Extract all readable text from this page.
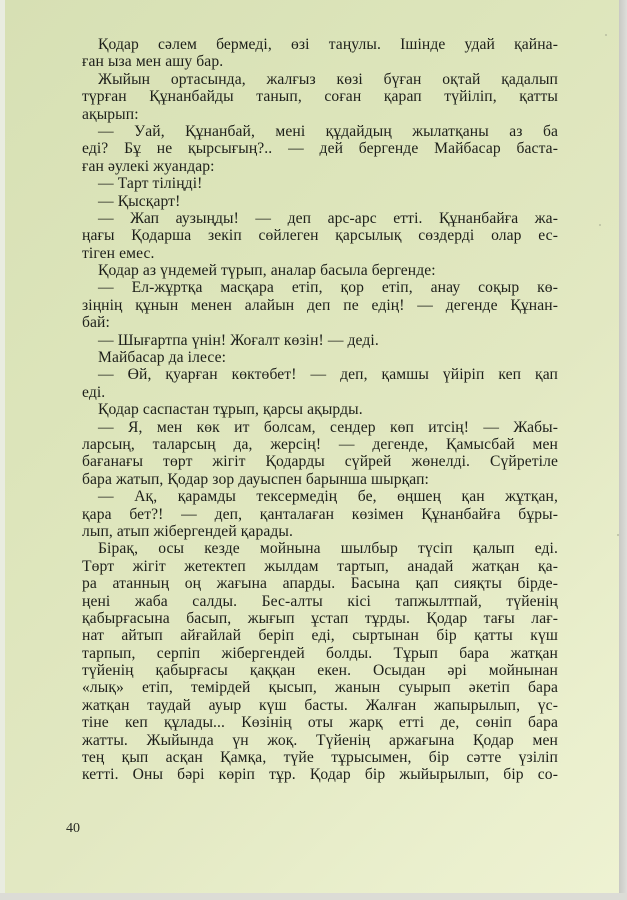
Қодар сәлем бермеді, өзі таңулы. Ішінде удай қайна-
ған ыза мен ашу бар.
Жыйын ортасында, жалғыз көзі бүған оқтай қадалып
түрған Құнанбайды танып, соған қарап түйіліп, қатты
ақырып:
— Уай, Құнанбай, мені құдайдың жылатқаны аз ба
еді? Бұ не қырсығың?.. — дей бергенде Майбасар баста-
ған әулекі жуандар:
— Тарт тіліңді!
— Қысқарт!
— Жап аузыңды! — деп арс-арс етті. Құнанбайға жа-
ңағы Қодарша зекіп сөйлеген қарсылық сөздерді олар ес-
тіген емес.
Қодар аз үндемей түрып, аналар басыла бергенде:
— Ел-жұртқа масқара етіп, қор етіп, анау соқыр кө-
зіңнің құнын менен алайын деп пе едің! — дегенде Құнан-
бай:
— Шығартпа үнін! Жоғалт көзін! — деді.
Майбасар да ілесе:
— Өй, қуарған көктөбет! — деп, қамшы үйіріп кеп қап
еді.
Қодар саспастан тұрып, қарсы ақырды.
— Я, мен көк ит болсам, сендер көп итсің! — Жабы-
ларсың, таларсың да, жерсің! — дегенде, Қамысбай мен
бағанағы төрт жігіт Қодарды сүйрей жөнелді. Сүйретіле
бара жатып, Қодар зор дауыспен барынша шырқап:
— Ақ, қарамды тексермедің бе, өңшең қан жұтқан,
қара бет?! — деп, қанталаған көзімен Құнанбайға бұры-
лып, атып жібергендей қарады.
Бірақ, осы кезде мойнына шылбыр түсіп қалып еді.
Төрт жігіт жетектеп жылдам тартып, анадай жатқан қа-
ра атанның оң жағына апарды. Басына қап сияқты бірде-
ңені жаба салды. Бес-алты кісі тапжылтпай, түйенің
қабырғасына басып, жығып ұстап тұрды. Қодар тағы лағ-
нат айтып айғайлай беріп еді, сыртынан бір қатты күш
тарпып, серпіп жібергендей болды. Тұрып бара жатқан
түйенің қабырғасы қаққан екен. Осыдан әрі мойнынан
«лық» етіп, темірдей қысып, жанын суырып әкетіп бара
жатқан таудай ауыр күш басты. Жалған жапырылып, үс-
тіне кеп құлады... Көзінің оты жарқ етті де, сөніп бара
жатты. Жыйында үн жоқ. Түйенің аржағына Қодар мен
тең қып асқан Қамқа, түйе тұрысымен, бір сәтте үзіліп
кетті. Оны бәрі көріп тұр. Қодар бір жыйырылып, бір со-
40
